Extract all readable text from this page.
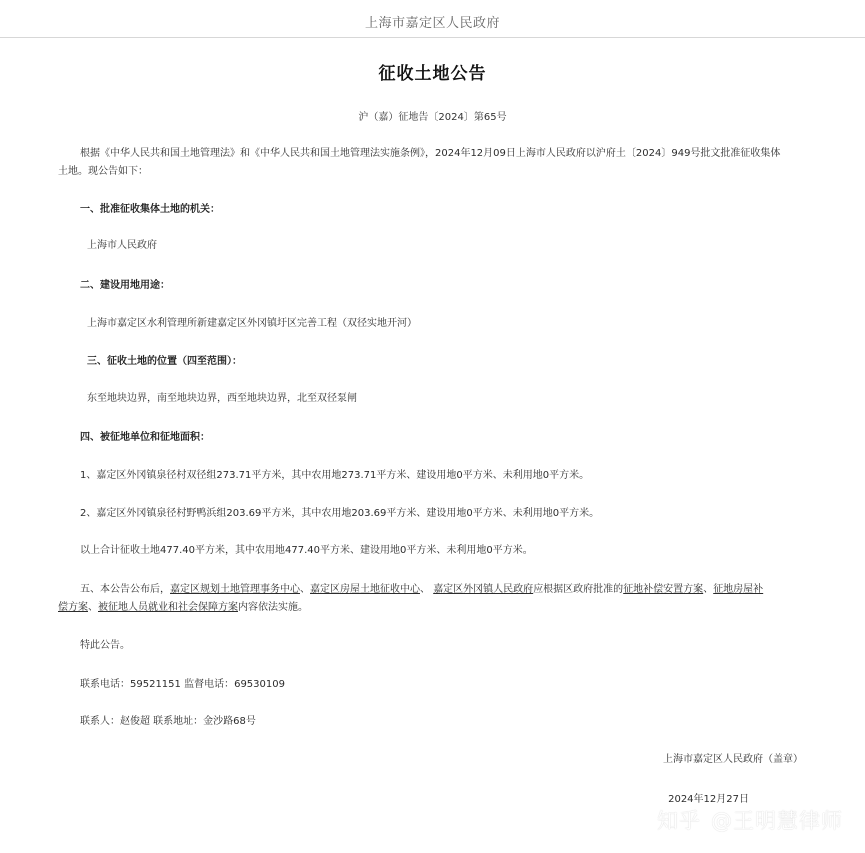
上海市嘉定区人民政府
征收土地公告
沪（嘉）征地告〔2024〕第65号
根据《中华人民共和国土地管理法》和《中华人民共和国土地管理法实施条例》，2024年12月09日上海市人民政府以沪府土〔2024〕949号批文批准征收集体
土地。现公告如下：
一、批准征收集体土地的机关：
上海市人民政府
二、建设用地用途：
上海市嘉定区水利管理所新建嘉定区外冈镇圩区完善工程（双径实地开河）
三、征收土地的位置（四至范围）：
东至地块边界，南至地块边界，西至地块边界，北至双径泵闸
四、被征地单位和征地面积：
1、嘉定区外冈镇泉径村双径组273.71平方米，其中农用地273.71平方米、建设用地0平方米、未利用地0平方米。
2、嘉定区外冈镇泉径村野鸭浜组203.69平方米，其中农用地203.69平方米、建设用地0平方米、未利用地0平方米。
以上合计征收土地477.40平方米，其中农用地477.40平方米、建设用地0平方米、未利用地0平方米。
五、本公告公布后，嘉定区规划土地管理事务中心、嘉定区房屋土地征收中心、 嘉定区外冈镇人民政府应根据区政府批准的征地补偿安置方案、征地房屋补
偿方案、被征地人员就业和社会保障方案内容依法实施。
特此公告。
联系电话：59521151 监督电话：69530109
联系人：赵俊超 联系地址：金沙路68号
上海市嘉定区人民政府（盖章）
2024年12月27日
知乎 @王明慧律师
